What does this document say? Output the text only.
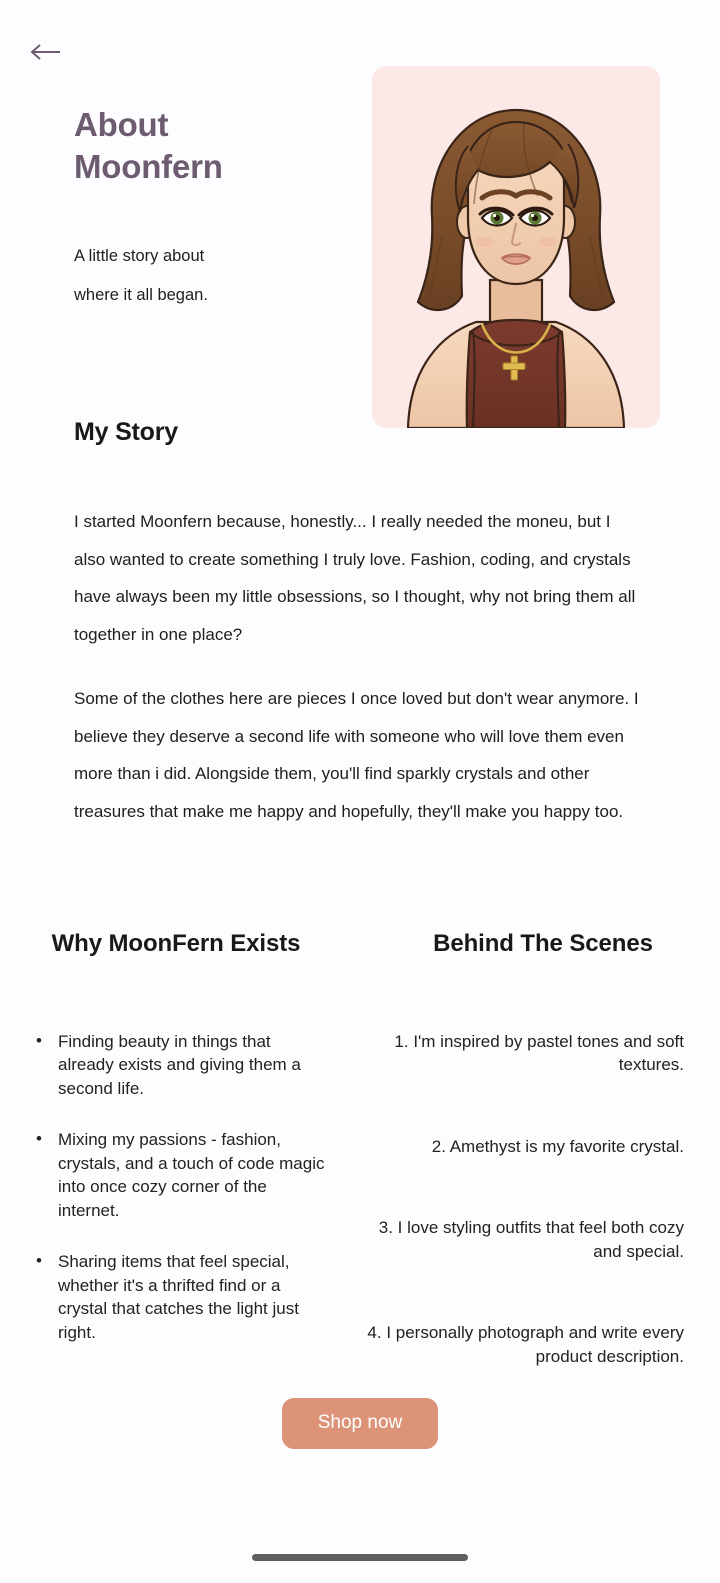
About
Moonfern

A little story about
where it all began.

My Story

I started Moonfern because, honestly... I really needed the moneu, but I also wanted to create something I truly love. Fashion, coding, and crystals have always been my little obsessions, so I thought, why not bring them all together in one place?

Some of the clothes here are pieces I once loved but don't wear anymore. I believe they deserve a second life with someone who will love them even more than i did. Alongside them, you'll find sparkly crystals and other treasures that make me happy and hopefully, they'll make you happy too.

Why MoonFern Exists
• Finding beauty in things that already exists and giving them a second life.
• Mixing my passions - fashion, crystals, and a touch of code magic into once cozy corner of the internet.
• Sharing items that feel special, whether it's a thrifted find or a crystal that catches the light just right.
Behind The Scenes
1. I'm inspired by pastel tones and soft textures.
2. Amethyst is my favorite crystal.
3. I love styling outfits that feel both cozy and special.
4. I personally photograph and write every product description.
Shop now
